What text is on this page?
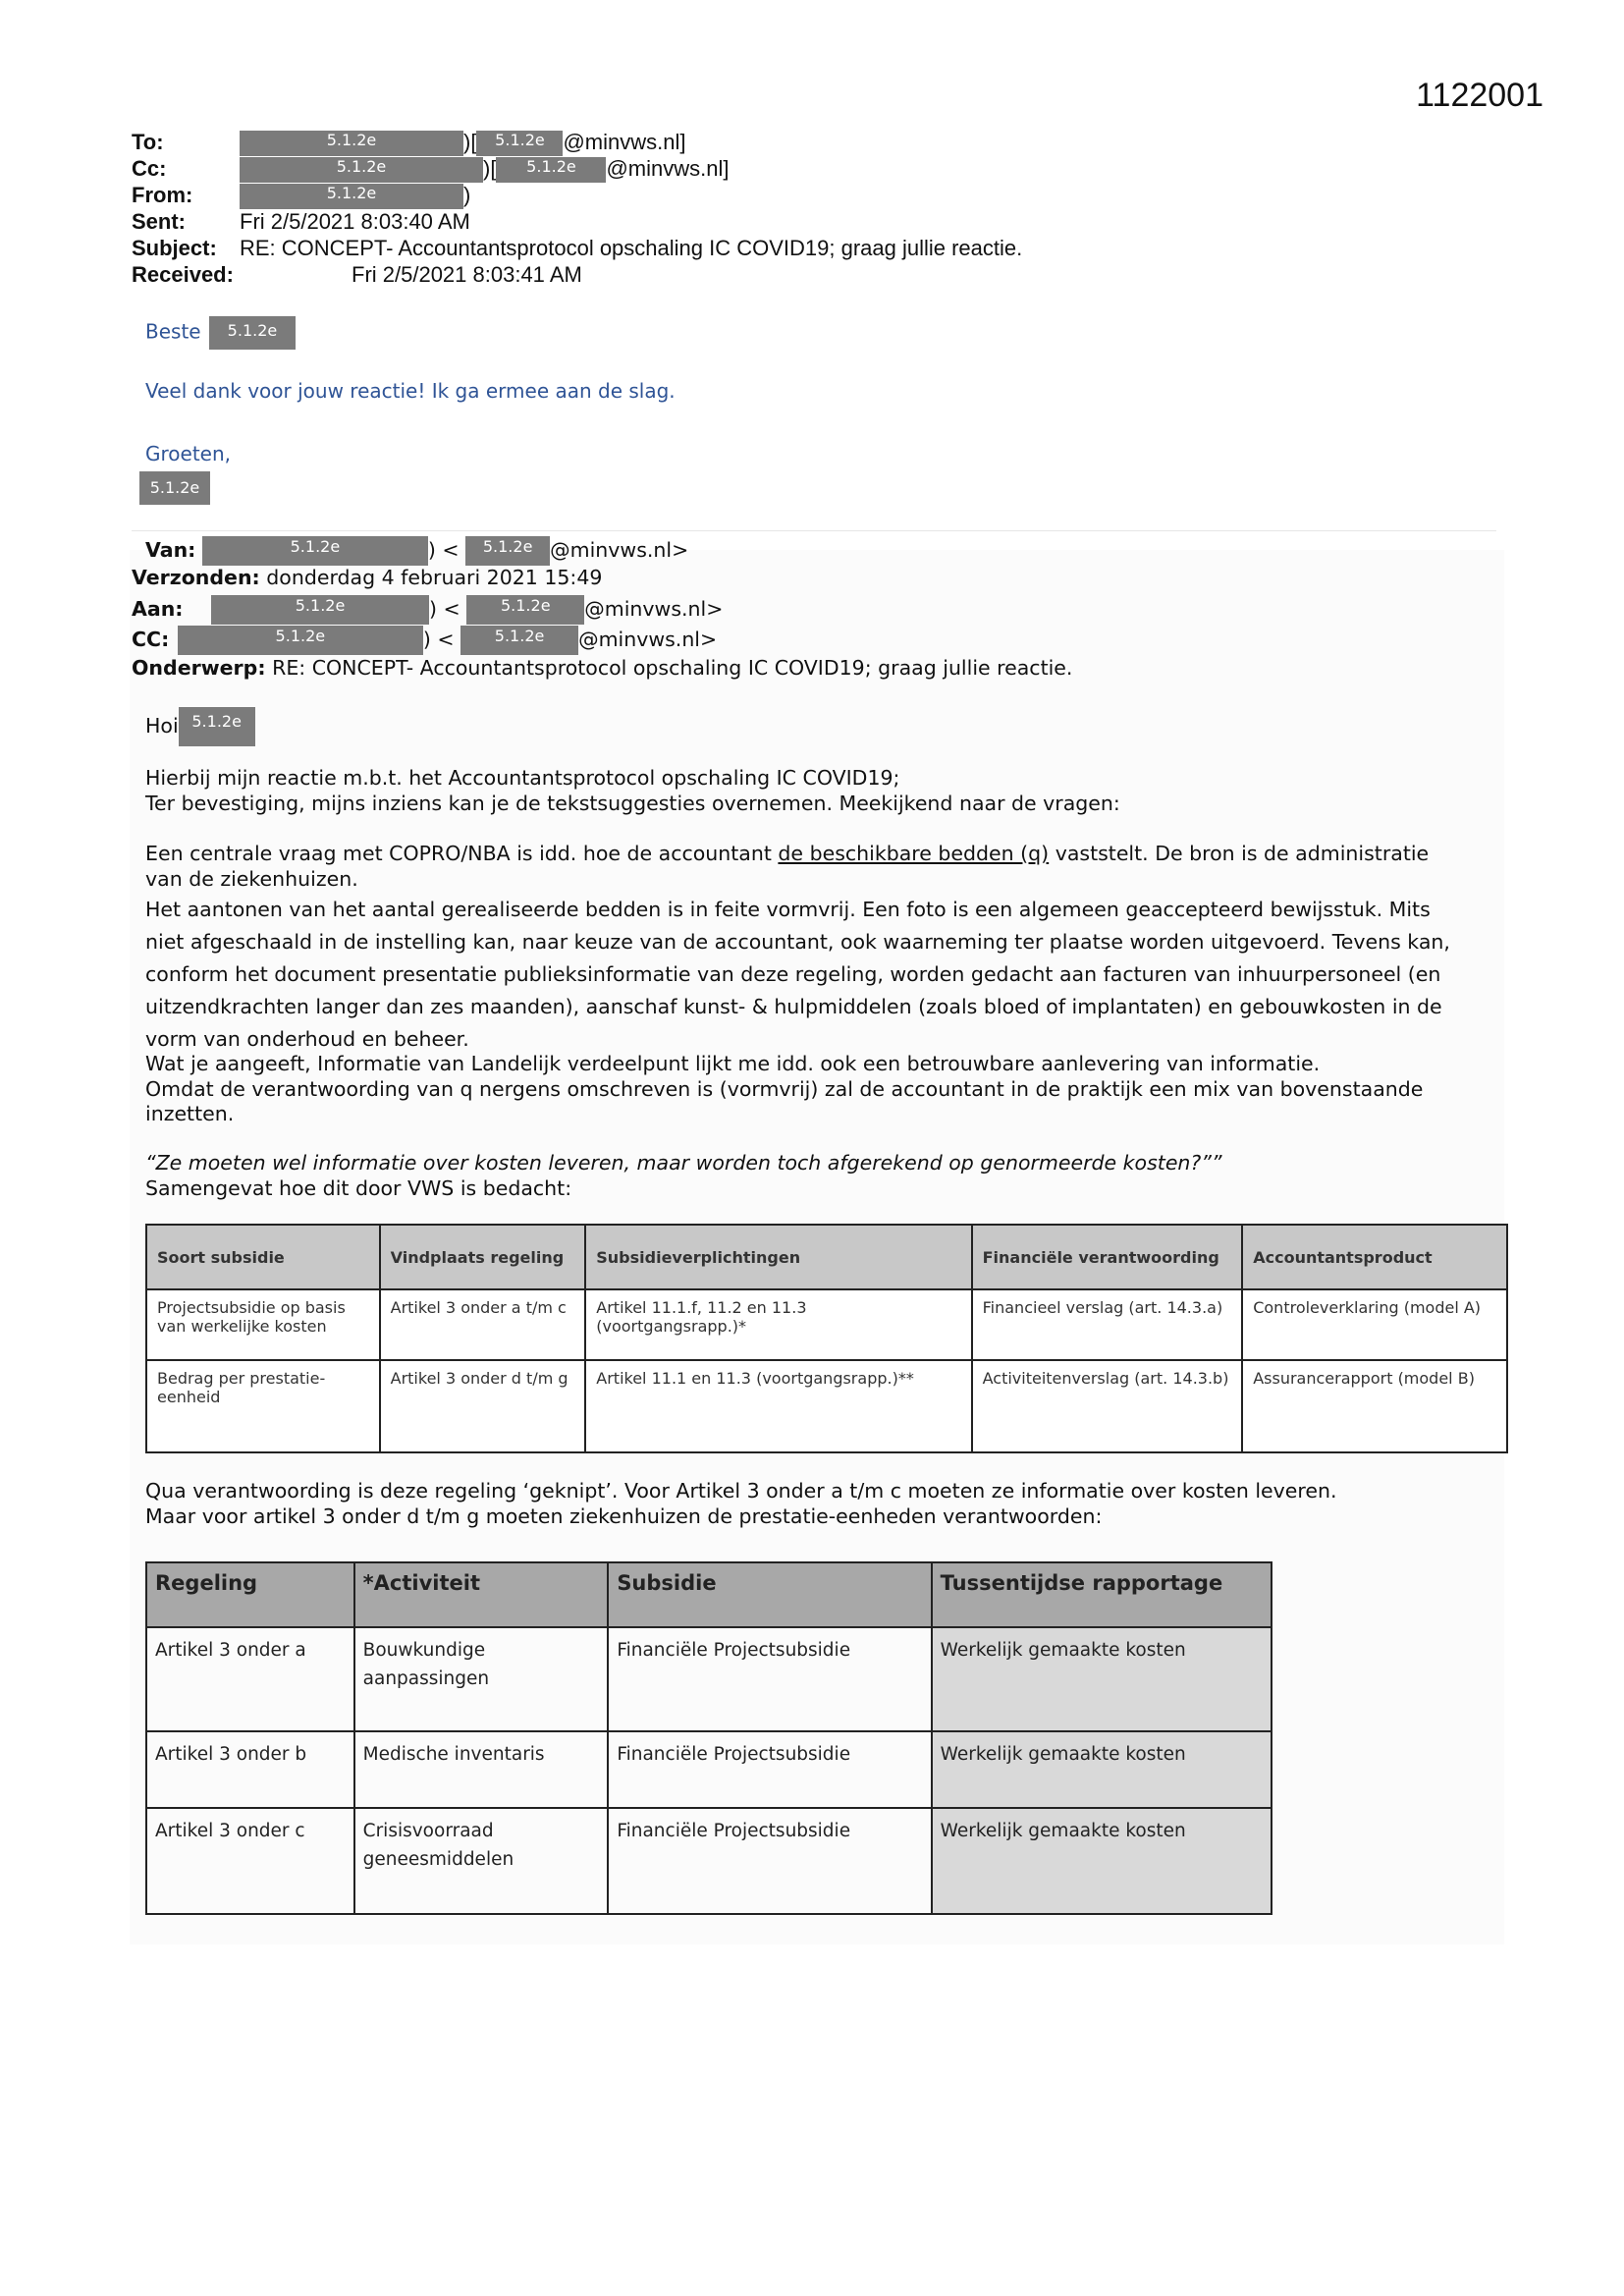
1122001
To:	5.1.2e	)[ 5.1.2e @minvws.nl]
Cc:	5.1.2e	)[ 5.1.2e @minvws.nl]
From:	5.1.2e	)
Sent:	Fri 2/5/2021 8:03:40 AM
Subject: RE: CONCEPT- Accountantsprotocol opschaling IC COVID19; graag jullie reactie.
Received:	Fri 2/5/2021 8:03:41 AM
Beste 5.1.2e
Veel dank voor jouw reactie! Ik ga ermee aan de slag.
Groeten,
5.1.2e
Van:	5.1.2e	) < 5.1.2e @minvws.nl>
Verzonden: donderdag 4 februari 2021 15:49
Aan:	5.1.2e	) <	5.1.2e @minvws.nl>
CC:	5.1.2e	) <	5.1.2e @minvws.nl>
Onderwerp: RE: CONCEPT- Accountantsprotocol opschaling IC COVID19; graag jullie reactie.
Hoi 5.1.2e
Hierbij mijn reactie m.b.t. het Accountantsprotocol opschaling IC COVID19;
Ter bevestiging, mijns inziens kan je de tekstsuggesties overnemen. Meekijkend naar de vragen:
Een centrale vraag met COPRO/NBA is idd. hoe de accountant de beschikbare bedden (q) vaststelt. De bron is de administratie
van de ziekenhuizen.
Het aantonen van het aantal gerealiseerde bedden is in feite vormvrij. Een foto is een algemeen geaccepteerd bewijsstuk. Mits
niet afgeschaald in de instelling kan, naar keuze van de accountant, ook waarneming ter plaatse worden uitgevoerd. Tevens kan,
conform het document presentatie publieksinformatie van deze regeling, worden gedacht aan facturen van inhuurpersoneel (en
uitzendkrachten langer dan zes maanden), aanschaf kunst- & hulpmiddelen (zoals bloed of implantaten) en gebouwkosten in de
vorm van onderhoud en beheer.
Wat je aangeeft, Informatie van Landelijk verdeelpunt lijkt me idd. ook een betrouwbare aanlevering van informatie.
Omdat de verantwoording van q nergens omschreven is (vormvrij) zal de accountant in de praktijk een mix van bovenstaande
inzetten.
“Ze moeten wel informatie over kosten leveren, maar worden toch afgerekend op genormeerde kosten?””
Samengevat hoe dit door VWS is bedacht:
Soort subsidie	Vindplaats regeling	Subsidieverplichtingen	Financiële verantwoording	Accountantsproduct
Projectsubsidie op basis van werkelijke kosten	Artikel 3 onder a t/m c	Artikel 11.1.f, 11.2 en 11.3 (voortgangsrapp.)*	Financieel verslag (art. 14.3.a)	Controleverklaring (model A)
Bedrag per prestatie-eenheid	Artikel 3 onder d t/m g	Artikel 11.1 en 11.3 (voortgangsrapp.)**	Activiteitenverslag (art. 14.3.b)	Assurancerapport (model B)
Qua verantwoording is deze regeling ‘geknipt’. Voor Artikel 3 onder a t/m c moeten ze informatie over kosten leveren.
Maar voor artikel 3 onder d t/m g moeten ziekenhuizen de prestatie-eenheden verantwoorden:
Regeling	*Activiteit	Subsidie	Tussentijdse rapportage
Artikel 3 onder a	Bouwkundige aanpassingen	Financiële Projectsubsidie	Werkelijk gemaakte kosten
Artikel 3 onder b	Medische inventaris	Financiële Projectsubsidie	Werkelijk gemaakte kosten
Artikel 3 onder c	Crisisvoorraad geneesmiddelen	Financiële Projectsubsidie	Werkelijk gemaakte kosten
